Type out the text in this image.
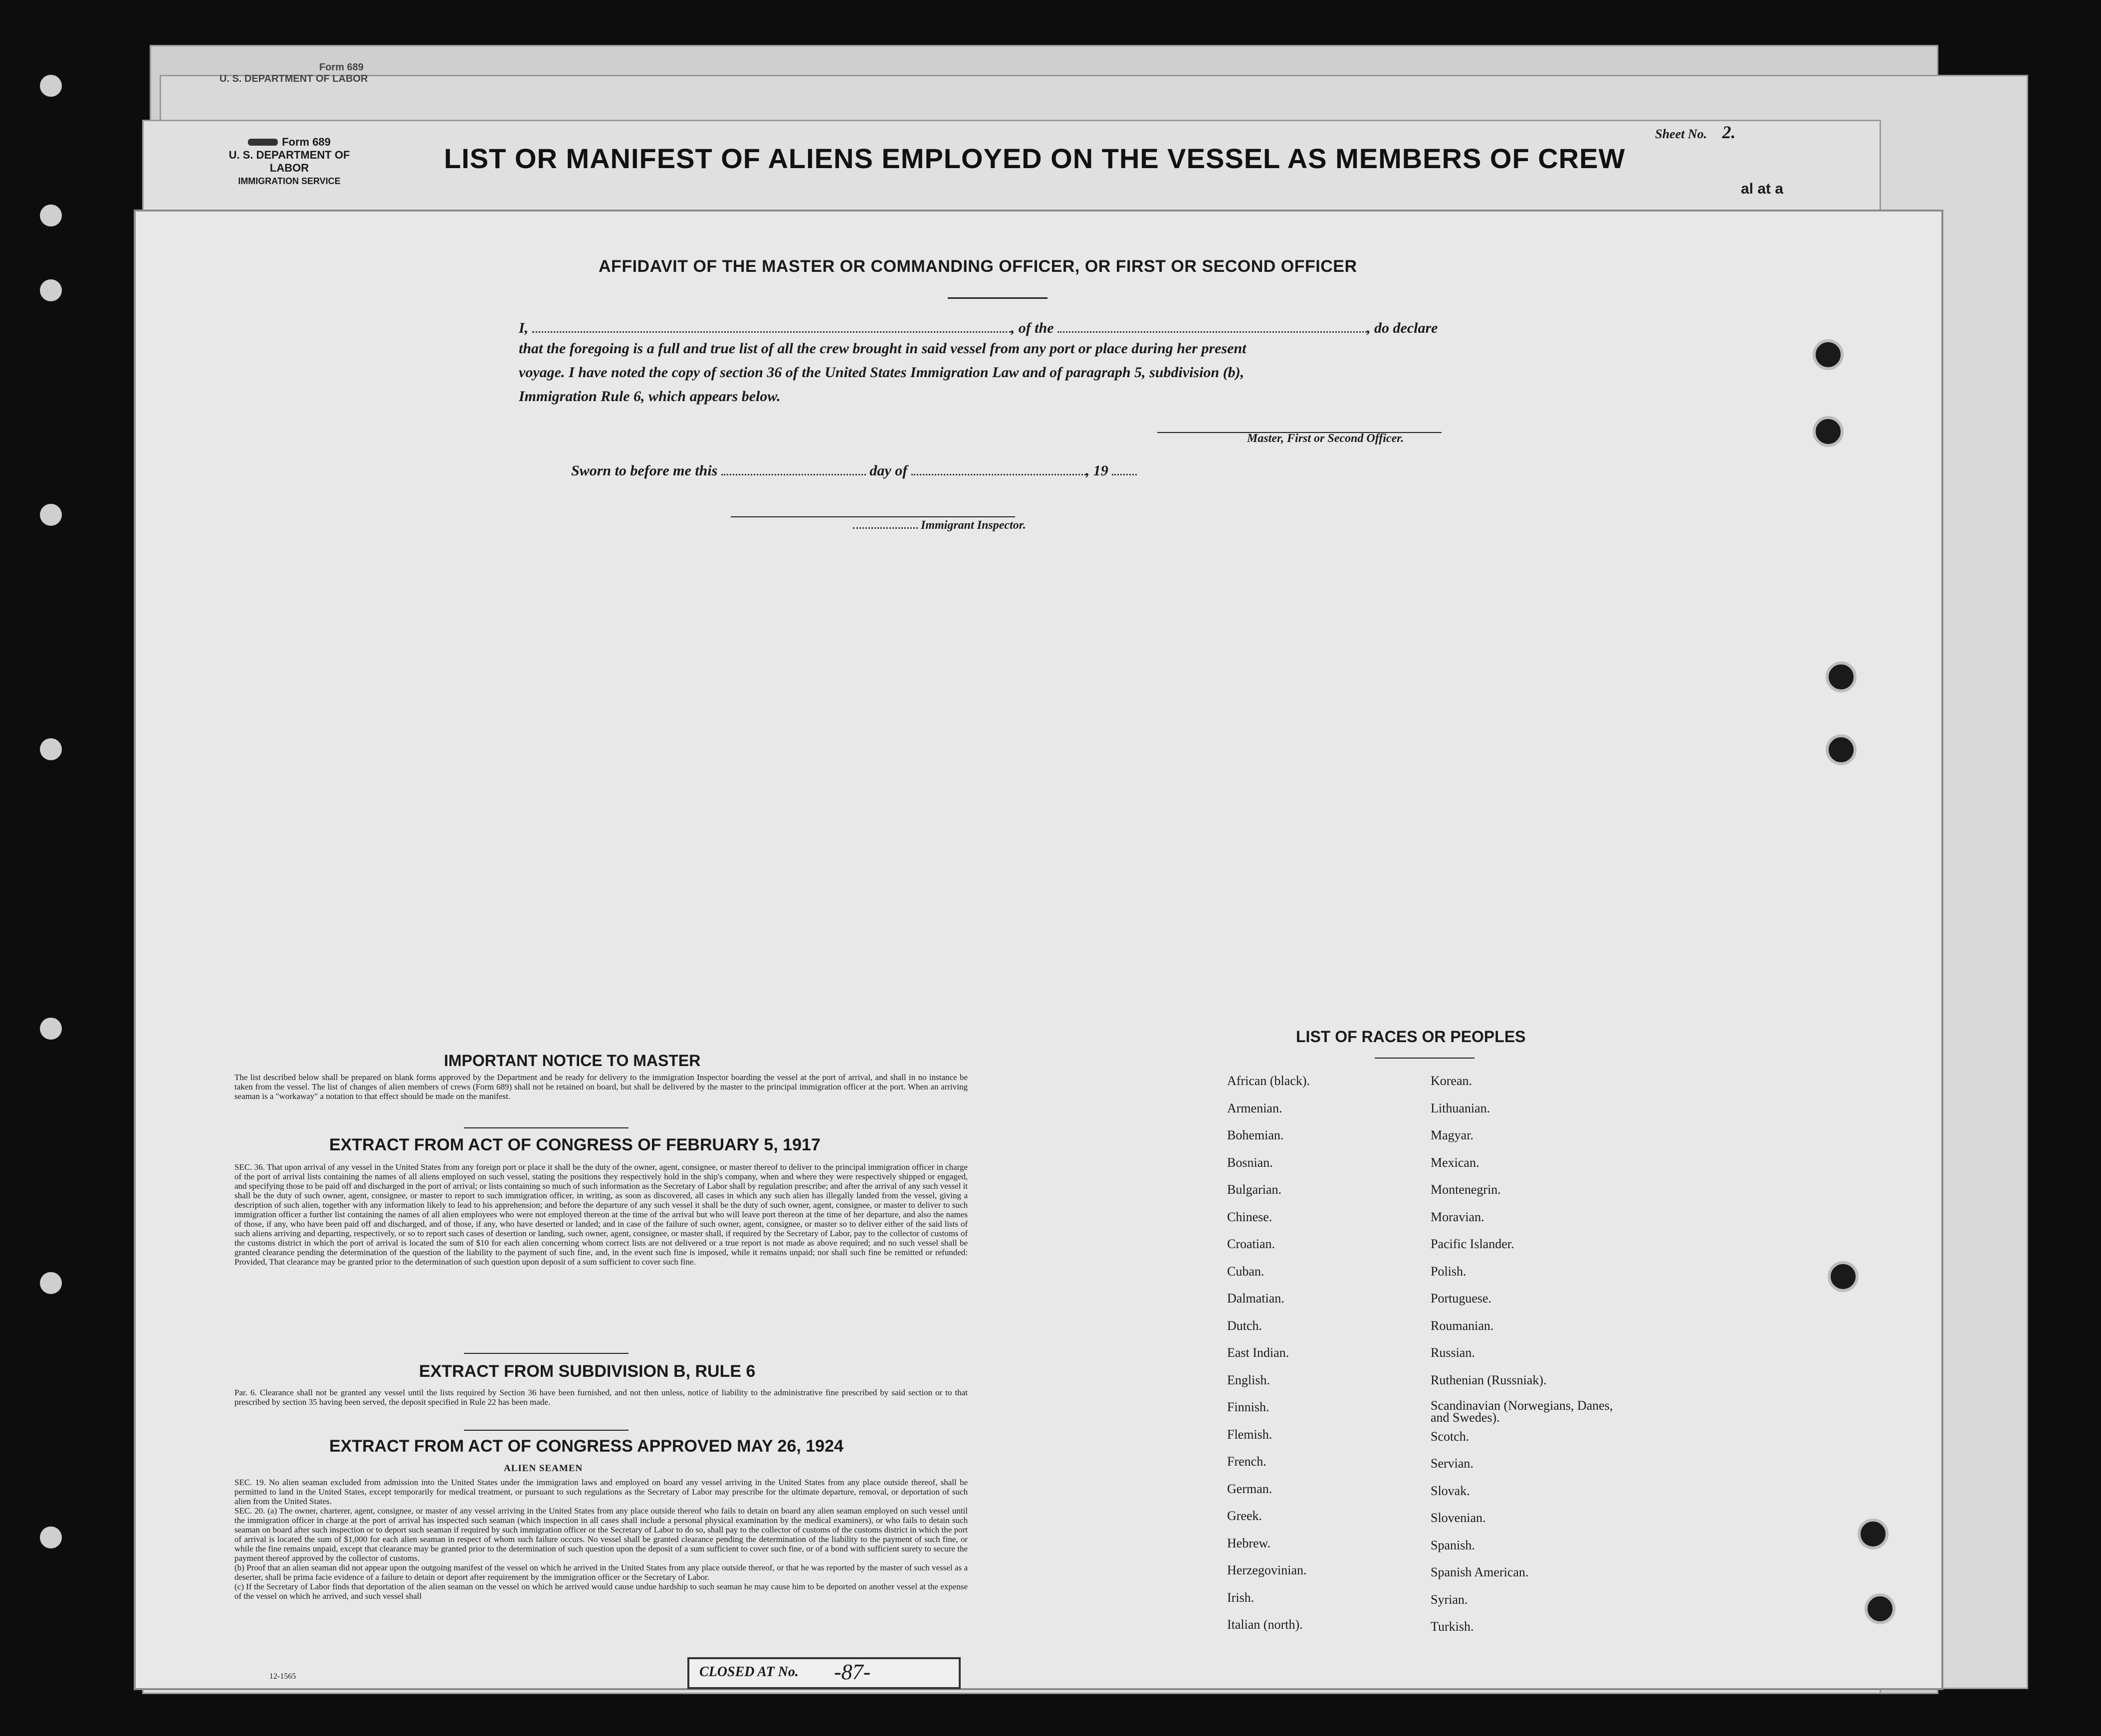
Form 689
U. S. DEPARTMENT OF LABOR
Form 689
U. S. DEPARTMENT OF LABOR
IMMIGRATION SERVICE
LIST OR MANIFEST OF ALIENS EMPLOYED ON THE VESSEL AS MEMBERS OF CREW
Sheet No. 2.
al at a
AFFIDAVIT OF THE MASTER OR COMMANDING OFFICER, OR FIRST OR SECOND OFFICER
I,	, of the	, do declare
that the foregoing is a full and true list of all the crew brought in said vessel from any port or place during her present
voyage. I have noted the copy of section 36 of the United States Immigration Law and of paragraph 5, subdivision (b),
Immigration Rule 6, which appears below.
Master, First or Second Officer.
Sworn to before me this	day of	, 19
Immigrant Inspector.
IMPORTANT NOTICE TO MASTER

The list described below shall be prepared on blank forms approved by the Department and be ready for delivery to the immigration Inspector boarding the vessel at the port of arrival, and shall in no instance be taken from the vessel. The list of changes of alien members of crews (Form 689) shall not be retained on board, but shall be delivered by the master to the principal immigration officer at the port. When an arriving seaman is a "workaway" a notation to that effect should be made on the manifest.

EXTRACT FROM ACT OF CONGRESS OF FEBRUARY 5, 1917

SEC. 36. That upon arrival of any vessel in the United States from any foreign port or place it shall be the duty of the owner, agent, consignee, or master thereof to deliver to the principal immigration officer in charge of the port of arrival lists containing the names of all aliens employed on such vessel, stating the positions they respectively hold in the ship's company, when and where they were respectively shipped or engaged, and specifying those to be paid off and discharged in the port of arrival; or lists containing so much of such information as the Secretary of Labor shall by regulation prescribe; and after the arrival of any such vessel it shall be the duty of such owner, agent, consignee, or master to report to such immigration officer, in writing, as soon as discovered, all cases in which any such alien has illegally landed from the vessel, giving a description of such alien, together with any information likely to lead to his apprehension; and before the departure of any such vessel it shall be the duty of such owner, agent, consignee, or master to deliver to such immigration officer a further list containing the names of all alien employees who were not employed thereon at the time of the arrival but who will leave port thereon at the time of her departure, and also the names of those, if any, who have been paid off and discharged, and of those, if any, who have deserted or landed; and in case of the failure of such owner, agent, consignee, or master so to deliver either of the said lists of such aliens arriving and departing, respectively, or so to report such cases of desertion or landing, such owner, agent, consignee, or master shall, if required by the Secretary of Labor, pay to the collector of customs of the customs district in which the port of arrival is located the sum of $10 for each alien concerning whom correct lists are not delivered or a true report is not made as above required; and no such vessel shall be granted clearance pending the determination of the question of the liability to the payment of such fine, and, in the event such fine is imposed, while it remains unpaid; nor shall such fine be remitted or refunded: Provided, That clearance may be granted prior to the determination of such question upon deposit of a sum sufficient to cover such fine.

EXTRACT FROM SUBDIVISION B, RULE 6

Par. 6. Clearance shall not be granted any vessel until the lists required by Section 36 have been furnished, and not then unless, notice of liability to the administrative fine prescribed by said section or to that prescribed by section 35 having been served, the deposit specified in Rule 22 has been made.

EXTRACT FROM ACT OF CONGRESS APPROVED MAY 26, 1924
ALIEN SEAMEN

SEC. 19. No alien seaman excluded from admission into the United States under the immigration laws and employed on board any vessel arriving in the United States from any place outside thereof, shall be permitted to land in the United States, except temporarily for medical treatment, or pursuant to such regulations as the Secretary of Labor may prescribe for the ultimate departure, removal, or deportation of such alien from the United States.

SEC. 20. (a) The owner, charterer, agent, consignee, or master of any vessel arriving in the United States from any place outside thereof who fails to detain on board any alien seaman employed on such vessel until the immigration officer in charge at the port of arrival has inspected such seaman (which inspection in all cases shall include a personal physical examination by the medical examiners), or who fails to detain such seaman on board after such inspection or to deport such seaman if required by such immigration officer or the Secretary of Labor to do so, shall pay to the collector of customs of the customs district in which the port of arrival is located the sum of $1,000 for each alien seaman in respect of whom such failure occurs. No vessel shall be granted clearance pending the determination of the liability to the payment of such fine, or while the fine remains unpaid, except that clearance may be granted prior to the determination of such question upon the deposit of a sum sufficient to cover such fine, or of a bond with sufficient surety to secure the payment thereof approved by the collector of customs.

(b) Proof that an alien seaman did not appear upon the outgoing manifest of the vessel on which he arrived in the United States from any place outside thereof, or that he was reported by the master of such vessel as a deserter, shall be prima facie evidence of a failure to detain or deport after requirement by the immigration officer or the Secretary of Labor.

(c) If the Secretary of Labor finds that deportation of the alien seaman on the vessel on which he arrived would cause undue hardship to such seaman he may cause him to be deported on another vessel at the expense of the vessel on which he arrived, and such vessel shall

12-1565
LIST OF RACES OR PEOPLES
African (black).
Armenian.
Bohemian.
Bosnian.
Bulgarian.
Chinese.
Croatian.
Cuban.
Dalmatian.
Dutch.
East Indian.
English.
Finnish.
Flemish.
French.
German.
Greek.
Hebrew.
Herzegovinian.
Irish.
Italian (north).
Korean.
Lithuanian.
Magyar.
Mexican.
Montenegrin.
Moravian.
Pacific Islander.
Polish.
Portuguese.
Roumanian.
Russian.
Ruthenian (Russniak).
Scandinavian (Norwegians, Danes, and Swedes).
Scotch.
Servian.
Slovak.
Slovenian.
Spanish.
Spanish American.
Syrian.
Turkish.
CLOSED AT No. -87-
